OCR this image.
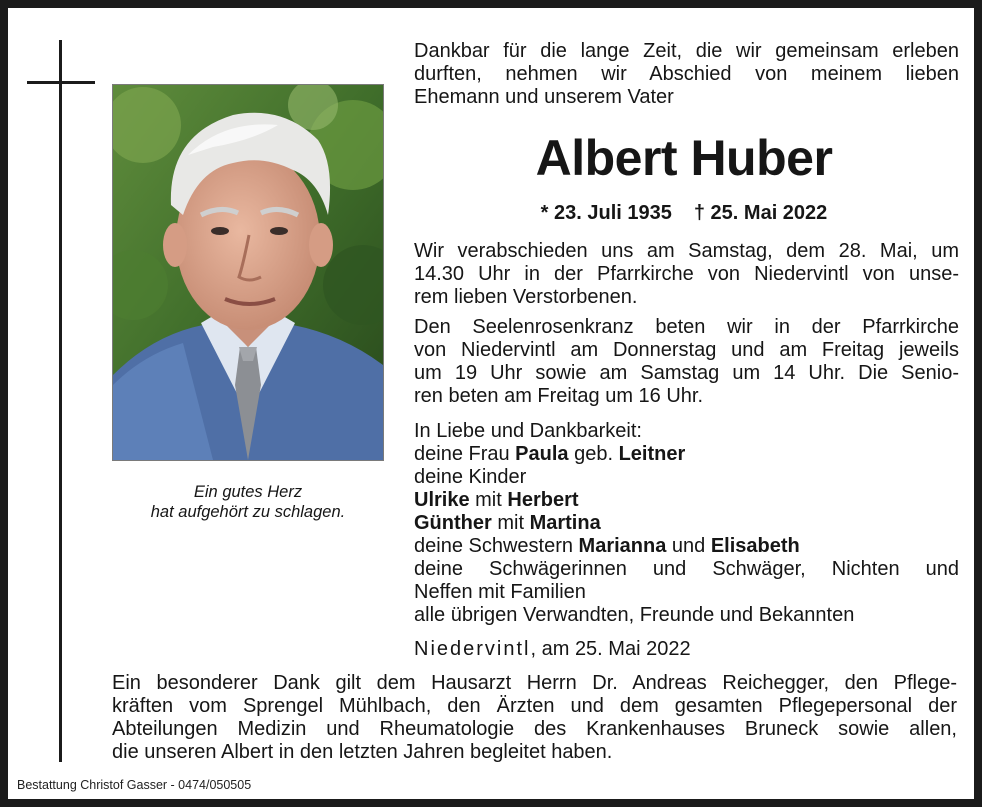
Ein gutes Herz
hat aufgehört zu schlagen.
Dankbar für die lange Zeit, die wir gemeinsam erleben
durften, nehmen wir Abschied von meinem lieben
Ehemann und unserem Vater
Albert Huber
* 23. Juli 1935 † 25. Mai 2022
Wir verabschieden uns am Samstag, dem 28. Mai, um
14.30 Uhr in der Pfarrkirche von Niedervintl von unse-
rem lieben Verstorbenen.
Den Seelenrosenkranz beten wir in der Pfarrkirche
von Niedervintl am Donnerstag und am Freitag jeweils
um 19 Uhr sowie am Samstag um 14 Uhr. Die Senio-
ren beten am Freitag um 16 Uhr.
In Liebe und Dankbarkeit:
deine Frau Paula geb. Leitner
deine Kinder
Ulrike mit Herbert
Günther mit Martina
deine Schwestern Marianna und Elisabeth
deine Schwägerinnen und Schwäger, Nichten und
Neffen mit Familien
alle übrigen Verwandten, Freunde und Bekannten
Niedervintl, am 25. Mai 2022
Ein besonderer Dank gilt dem Hausarzt Herrn Dr. Andreas Reichegger, den Pflege-
kräften vom Sprengel Mühlbach, den Ärzten und dem gesamten Pflegepersonal der
Abteilungen Medizin und Rheumatologie des Krankenhauses Bruneck sowie allen,
die unseren Albert in den letzten Jahren begleitet haben.
Bestattung Christof Gasser - 0474/050505
